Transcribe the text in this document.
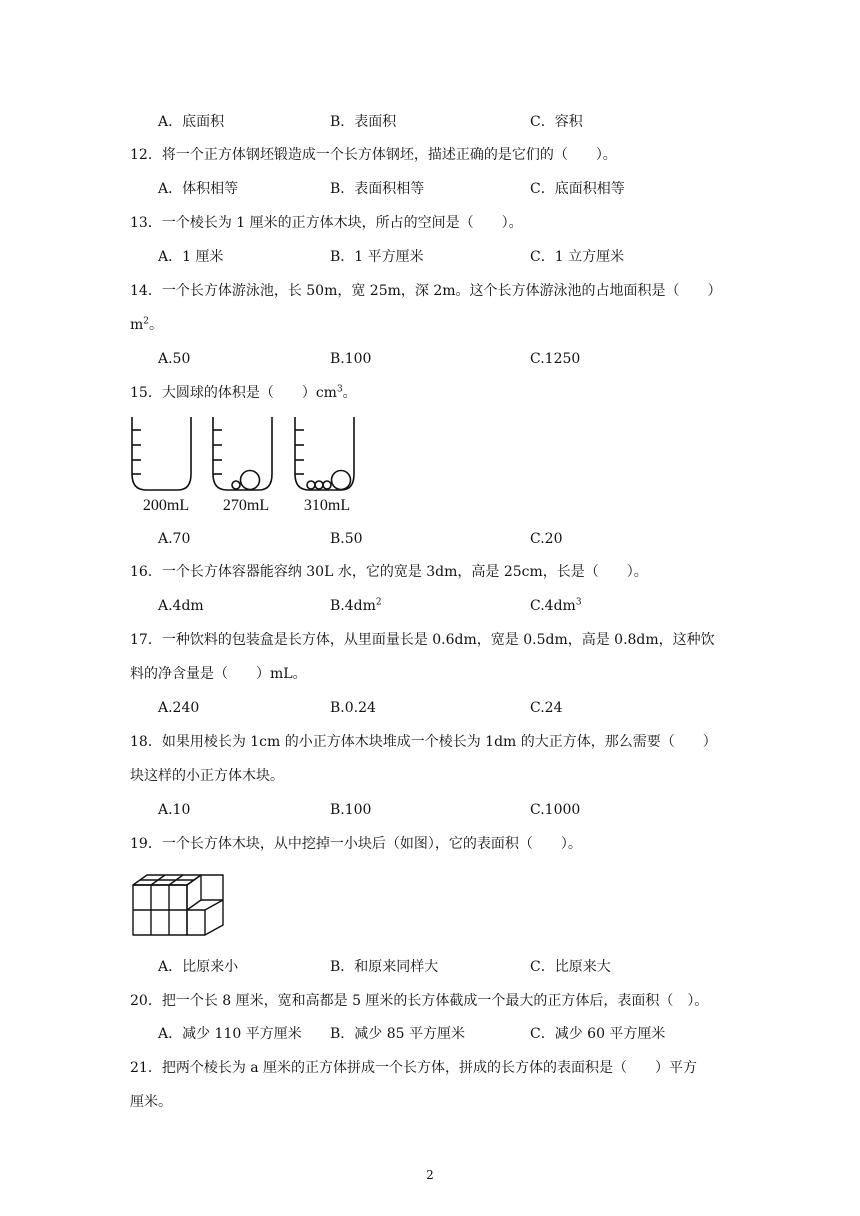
A．底面积	B．表面积	C．容积
12．将一个正方体钢坯锻造成一个长方体钢坯，描述正确的是它们的（　　）。
A．体积相等	B．表面积相等	C．底面积相等
13．一个棱长为 1 厘米的正方体木块，所占的空间是（　　）。
A．1 厘米	B．1 平方厘米	C．1 立方厘米
14．一个长方体游泳池，长 50m，宽 25m，深 2m。这个长方体游泳池的占地面积是（　　）
$m^2$。
A.50	B.100	C.1250
15．大圆球的体积是（　　）$cm^3$。
200mL 270mL 310mL
A.70	B.50	C.20
16．一个长方体容器能容纳 30L 水，它的宽是 3dm，高是 25cm，长是（　　）。
A.4dm	$B.4dm^2$	$C.4dm^3$
17．一种饮料的包装盒是长方体，从里面量长是 0.6dm，宽是 0.5dm，高是 0.8dm，这种饮
料的净含量是（　　）mL。
A.240	B.0.24	C.24
18．如果用棱长为 1cm 的小正方体木块堆成一个棱长为 1dm 的大正方体，那么需要（　　）
块这样的小正方体木块。
A.10	B.100	C.1000
19．一个长方体木块，从中挖掉一小块后（如图），它的表面积（　　）。
A．比原来小	B．和原来同样大	C．比原来大
20．把一个长 8 厘米，宽和高都是 5 厘米的长方体截成一个最大的正方体后，表面积（　）。
A．减少 110 平方厘米 B．减少 85 平方厘米	C．减少 60 平方厘米
21．把两个棱长为 a 厘米的正方体拼成一个长方体，拼成的长方体的表面积是（　　）平方
厘米。
2
